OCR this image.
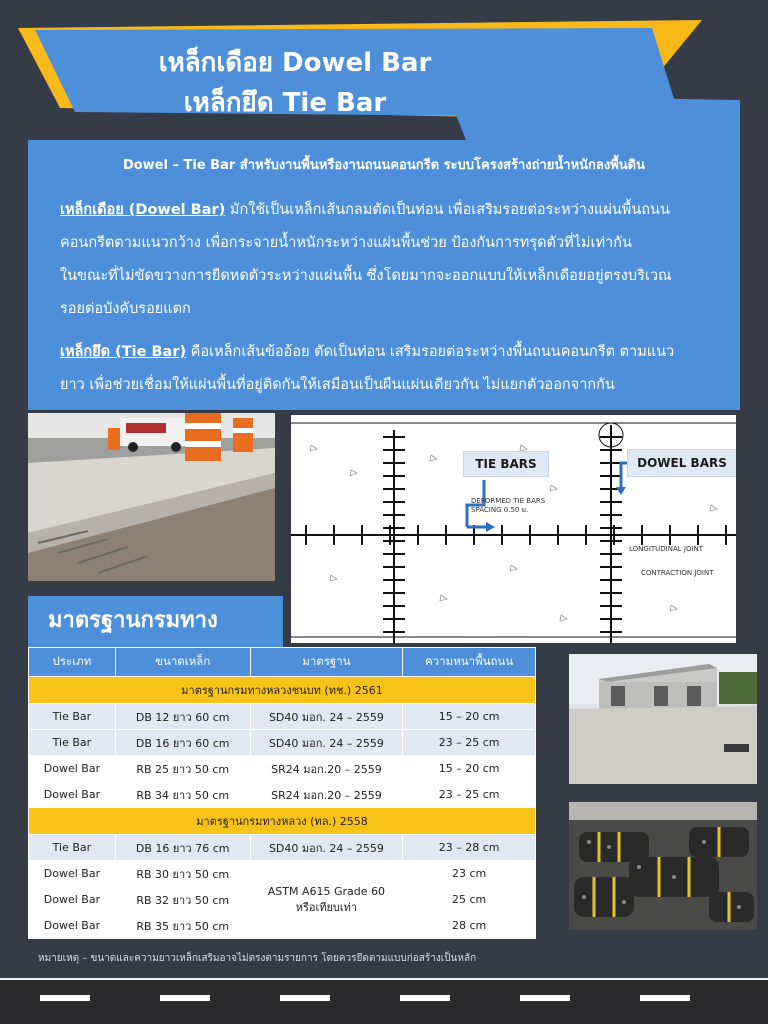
เหล็กเดือย Dowel Bar
เหล็กยึด Tie Bar
Dowel – Tie Bar สำหรับงานพื้นหรืองานถนนคอนกรีต ระบบโครงสร้างถ่ายน้ำหนักลงพื้นดิน
เหล็กเดือย (Dowel Bar) มักใช้เป็นเหล็กเส้นกลมตัดเป็นท่อน เพื่อเสริมรอยต่อระหว่างแผ่นพื้นถนน
คอนกรีตตามแนวกว้าง เพื่อกระจายน้ำหนักระหว่างแผ่นพื้นช่วย ป้องกันการทรุดตัวที่ไม่เท่ากัน
ในขณะที่ไม่ขัดขวางการยืดหดตัวระหว่างแผ่นพื้น ซึ่งโดยมากจะออกแบบให้เหล็กเดือยอยู่ตรงบริเวณ
รอยต่อบังคับรอยแตก
เหล็กยึด (Tie Bar) คือเหล็กเส้นข้ออ้อย ตัดเป็นท่อน เสริมรอยต่อระหว่างพื้นถนนคอนกรีต ตามแนว
ยาว เพื่อช่วยเชื่อมให้แผ่นพื้นที่อยู่ติดกันให้เสมือนเป็นผืนแผ่นเดียวกัน ไม่แยกตัวออกจากกัน
DEFORMED TIE BARS
SPACING 0.50 ม.
LONGITUDINAL JOINT
CONTRACTION JOINT
TIE BARS	DOWEL BARS
มาตรฐานกรมทาง
ประเภท	ขนาดเหล็ก	มาตรฐาน	ความหนาพื้นถนน
มาตรฐานกรมทางหลวงชนบท (ทช.) 2561			
Tie Bar	DB 12 ยาว 60 cm	SD40 มอก. 24 – 2559	15 – 20 cm
Tie Bar	DB 16 ยาว 60 cm	SD40 มอก. 24 – 2559	23 – 25 cm
Dowel Bar	RB 25 ยาว 50 cm	SR24 มอก.20 – 2559	15 – 20 cm
Dowel Bar	RB 34 ยาว 50 cm	SR24 มอก.20 – 2559	23 – 25 cm
มาตรฐานกรมทางหลวง (ทล.) 2558			
Tie Bar	DB 16 ยาว 76 cm	SD40 มอก. 24 – 2559	23 – 28 cm
Dowel Bar	RB 30 ยาว 50 cm	ASTM A615 Grade 60
หรือเทียบเท่า	23 cm
Dowel Bar	RB 32 ยาว 50 cm		25 cm
Dowel Bar	RB 35 ยาว 50 cm		28 cm
หมายเหตุ – ขนาดและความยาวเหล็กเสริมอาจไม่ตรงตามรายการ โดยควรยึดตามแบบก่อสร้างเป็นหลัก
